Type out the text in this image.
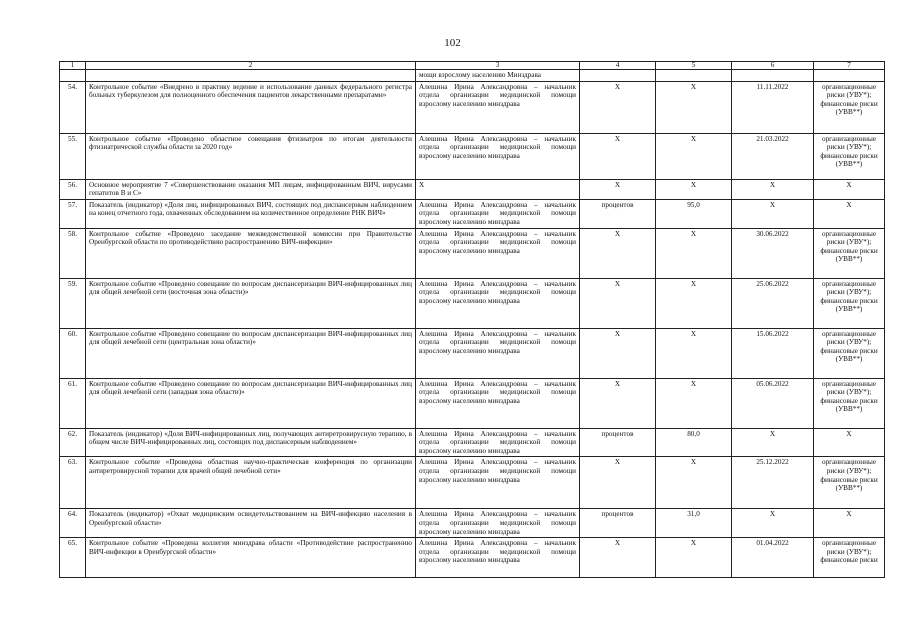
102
1	2	3	4	5	6	7
		мощи взрослому населению Минздрава				
54.	Контрольное событие «Внедрено в практику ведение и использование данных федерального регистра больных туберкулезом для полноценного обеспечения пациентов лекарственными препаратами»	Алешина Ирина Александровна – начальник отдела организации медицинской помощи взрослому населению минздрава	Х	Х	11.11.2022	организационные риски (УВУ*); финансовые риски (УВВ**)
55.	Контрольное событие «Проведено областное совещания фтизиатров по итогам деятельности фтизиатрической службы области за 2020 год»	Алешина Ирина Александровна – начальник отдела организации медицинской помощи взрослому населению минздрава	Х	Х	21.03.2022	организационные риски (УВУ*); финансовые риски (УВВ**)
56.	Основное мероприятие 7 «Совершенствование оказания МП лицам, инфицированным ВИЧ, вирусами гепатитов В и С»	Х	Х	Х	Х	Х
57.	Показатель (индикатор) «Доля лиц, инфицированных ВИЧ, состоящих под диспансерным наблюдением на конец отчетного года, охваченных обследованием на количественное определение РНК ВИЧ»	Алешина Ирина Александровна – начальник отдела организации медицинской помощи взрослому населению минздрава	процентов	95,0	Х	Х
58.	Контрольное событие «Проведено заседание межведомственной комиссии при Правительстве Оренбургской области по противодействию распространению ВИЧ-инфекции»	Алешина Ирина Александровна – начальник отдела организации медицинской помощи взрослому населению минздрава	Х	Х	30.06.2022	организационные риски (УВУ*); финансовые риски (УВВ**)
59.	Контрольное событие «Проведено совещание по вопросам диспансеризации ВИЧ-инфицированных лиц для общей лечебной сети (восточная зона области)»	Алешина Ирина Александровна – начальник отдела организации медицинской помощи взрослому населению минздрава	Х	Х	25.06.2022	организационные риски (УВУ*); финансовые риски (УВВ**)
60.	Контрольное событие «Проведено совещание по вопросам диспансеризации ВИЧ-инфицированных лиц для общей лечебной сети (центральная зона области)»	Алешина Ирина Александровна – начальник отдела организации медицинской помощи взрослому населению минздрава	Х	Х	15.06.2022	организационные риски (УВУ*); финансовые риски (УВВ**)
61.	Контрольное событие «Проведено совещание по вопросам диспансеризации ВИЧ-инфицированных лиц для общей лечебной сети (западная зона области)»	Алешина Ирина Александровна – начальник отдела организации медицинской помощи взрослому населению минздрава	Х	Х	05.06.2022	организационные риски (УВУ*); финансовые риски (УВВ**)
62.	Показатель (индикатор) «Доля ВИЧ-инфицированных лиц, получающих антиретровирусную терапию, в общем числе ВИЧ-инфицированных лиц, состоящих под диспансерным наблюдением»	Алешина Ирина Александровна – начальник отдела организации медицинской помощи взрослому населению минздрава	процентов	80,0	Х	Х
63.	Контрольное событие «Проведена областная научно-практическая конференция по организации антиретровирусной терапии для врачей общей лечебной сети»	Алешина Ирина Александровна – начальник отдела организации медицинской помощи взрослому населению минздрава	Х	Х	25.12.2022	организационные риски (УВУ*); финансовые риски (УВВ**)
64.	Показатель (индикатор) «Охват медицинским освидетельствованием на ВИЧ-инфекцию населения в Оренбургской области»	Алешина Ирина Александровна – начальник отдела организации медицинской помощи взрослому населению минздрава	процентов	31,0	Х	Х
65.	Контрольное событие «Проведена коллегия минздрава области «Противодействие распространению ВИЧ-инфекции в Оренбургской области»	Алешина Ирина Александровна – начальник отдела организации медицинской помощи взрослому населению минздрава	Х	Х	01.04.2022	организационные риски (УВУ*); финансовые риски
